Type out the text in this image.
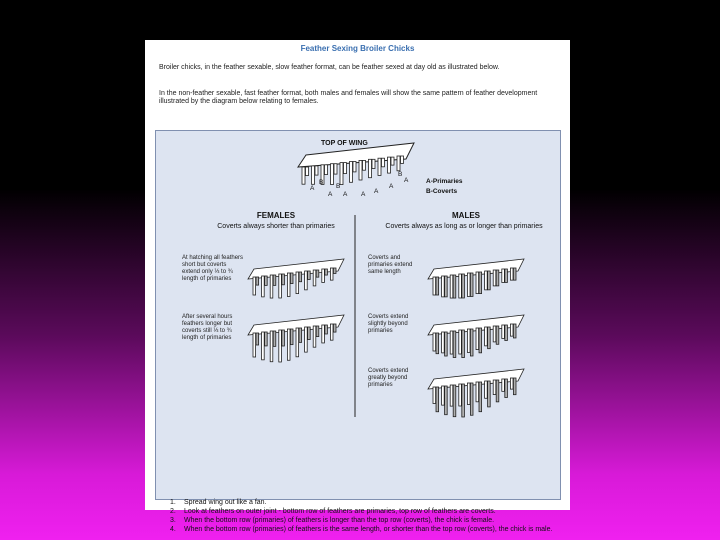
Feather Sexing Broiler Chicks
Broiler chicks, in the feather sexable, slow feather format, can be feather sexed at day old as illustrated below.
In the non-feather sexable, fast feather format, both males and females will show the same pattern of feather development illustrated by the diagram below relating to females.
TOP OF WING
A
B
A
B
A A A
B
A
A	A-Primaries
B-Coverts
FEMALES
Coverts always shorter than primaries
MALES
Coverts always as long as or longer than primaries
At hatching all feathers short but coverts extend only ⅓ to ¾ length of primaries
After several hours feathers longer but coverts still ⅓ to ¾ length of primaries
Coverts and primaries extend same length
Coverts extend slightly beyond primaries
Coverts extend greatly beyond primaries
1.	Spread wing out like a fan.
2.	Look at feathers on outer joint - bottom row of feathers are primaries, top row of feathers are coverts.
3.	When the bottom row (primaries) of feathers is longer than the top row (coverts), the chick is female.
4.	When the bottom row (primaries) of feathers is the same length, or shorter than the top row (coverts), the chick is male.
